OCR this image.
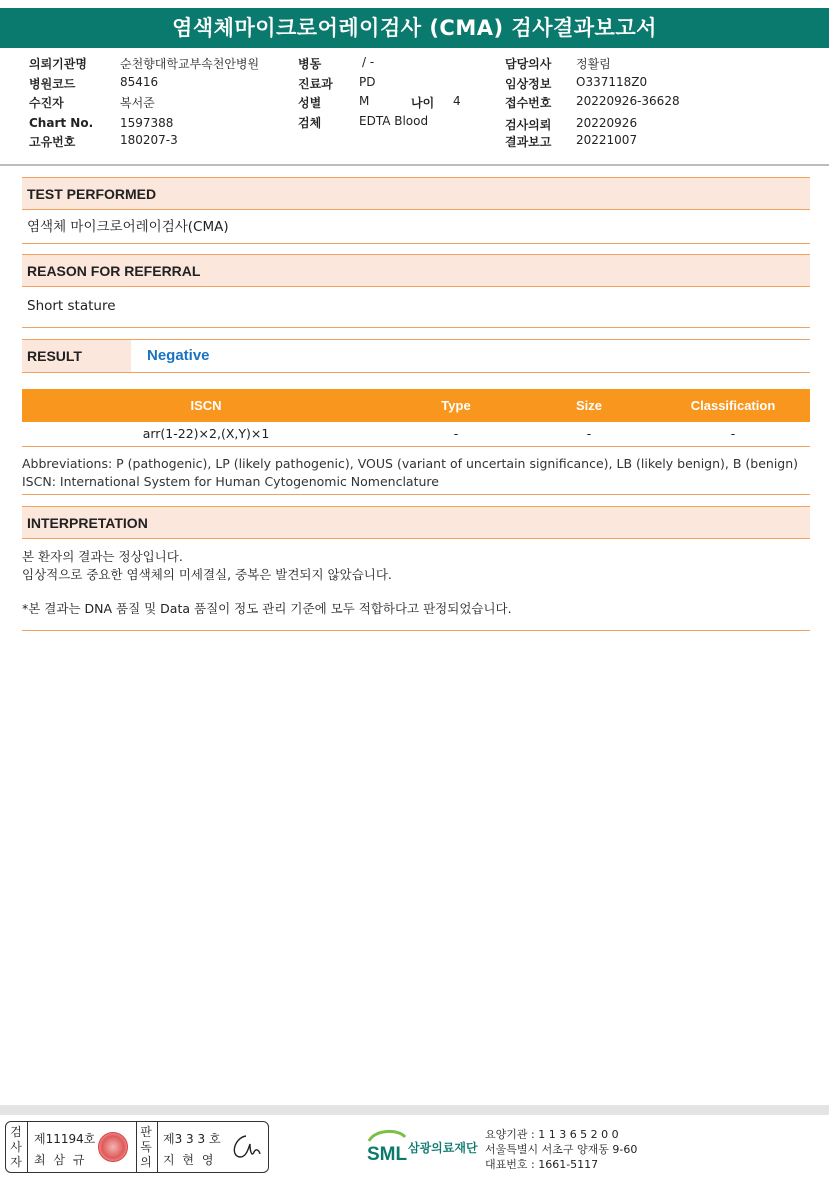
염색체마이크로어레이검사 (CMA) 검사결과보고서
의뢰기관명	순천향대학교부속천안병원	병동	/ -	담당의사 정활림
병원코드	85416	진료과 PD	임상정보 O337118Z0
수진자	복서준	성별	M	나이 4	접수번호 20220926-36628
Chart No. 1597388	검체	EDTA Blood	검사의뢰 20220926
고유번호	180207-3	결과보고 20221007
TEST PERFORMED
염색체 마이크로어레이검사(CMA)
REASON FOR REFERRAL
Short stature
RESULT	Negative
ISCN	Type	Size	Classification
arr(1-22)×2,(X,Y)×1	-	-	-
Abbreviations: P (pathogenic), LP (likely pathogenic), VOUS (variant of uncertain significance), LB (likely benign), B (benign)
ISCN: International System for Human Cytogenomic Nomenclature
INTERPRETATION

본 환자의 결과는 정상입니다.

임상적으로 중요한 염색체의 미세결실, 중복은 발견되지 않았습니다.

*본 결과는 DNA 품질 및 Data 품질이 정도 관리 기준에 모두 적합하다고 판정되었습니다.

검사자
제11194호
최 삼 규
판독의
제3 3 3 호
지 현 영	SML 삼광의료재단
요양기관 : 1 1 3 6 5 2 0 0
서울특별시 서초구 양재동 9-60
대표번호 : 1661-5117
